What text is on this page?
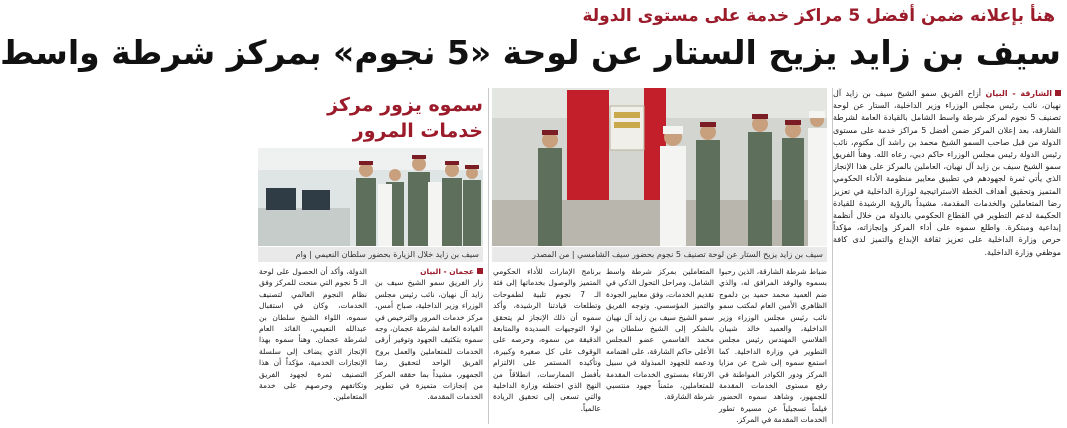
هنأ بإعلانه ضمن أفضل 5 مراكز خدمة على مستوى الدولة
سيف بن زايد يزيح الستار عن لوحة «5 نجوم» بمركز شرطة واسط
الشارقة - البيان أزاح الفريق سمو الشيخ سيف بن زايد آل نهيان، نائب رئيس مجلس الوزراء وزير الداخلية، الستار عن لوحة تصنيف 5 نجوم لمركز شرطة واسط الشامل بالقيادة العامة لشرطة الشارقة، بعد إعلان المركز ضمن أفضل 5 مراكز خدمة على مستوى الدولة من قبل صاحب السمو الشيخ محمد بن راشد آل مكتوم، نائب رئيس الدولة رئيس مجلس الوزراء حاكم دبي، رعاه الله. وهنأ الفريق سمو الشيخ سيف بن زايد آل نهيان، العاملين بالمركز على هذا الإنجاز الذي يأتي ثمرة لجهودهم في تطبيق معايير منظومة الأداء الحكومي المتميز وتحقيق أهداف الخطة الاستراتيجية لوزارة الداخلية في تعزيز رضا المتعاملين والخدمات المقدمة، مشيداً بالرؤية الرشيدة للقيادة الحكيمة لدعم التطوير في القطاع الحكومي بالدولة من خلال أنظمة إبداعية ومبتكرة. واطلع سموه على أداء المركز وإنجازاته، مؤكداً حرص وزارة الداخلية على تعزيز ثقافة الإبداع والتميز لدى كافة موظفي وزارة الداخلية.
سيف بن زايد يزيح الستار عن لوحة تصنيف 5 نجوم بحضور سيف الشامسي | من المصدر
ضباط شرطة الشارقة، الذين رحبوا بسموه والوفد المرافق له، والذي ضم العميد محمد حميد بن دلموج الظاهري الأمين العام لمكتب سمو نائب رئيس مجلس الوزراء وزير الداخلية، والعميد خالد شيبان الفلاسي المهندس رئيس مجلس التطوير في وزارة الداخلية. كما استمع سموه إلى شرح عن مزايا المركز ودور الكوادر المواطنة في رفع مستوى الخدمات المقدمة للجمهور، وشاهد سموه الحضور فيلماً تسجيلياً عن مسيرة تطور الخدمات المقدمة في المركز.
المتعاملين بمركز شرطة واسط الشامل، ومراحل التحول الذكي في تقديم الخدمات، وفق معايير الجودة والتميز المؤسسي. وتوجه الفريق سمو الشيخ سيف بن زايد آل نهيان بالشكر إلى الشيخ سلطان بن محمد القاسمي عضو المجلس الأعلى حاكم الشارقة، على اهتمامه ودعمه للجهود المبذولة في سبيل الارتقاء بمستوى الخدمات المقدمة للمتعاملين، مثمناً جهود منتسبي شرطة الشارقة.
برنامج الإمارات للأداء الحكومي المتميز والوصول بخدماتها إلى فئة الـ 7 نجوم تلبية لطموحات وتطلعات قيادتنا الرشيدة، وأكد سموه أن ذلك الإنجاز لم يتحقق لولا التوجيهات السديدة والمتابعة الدقيقة من سموه، وحرصه على الوقوف على كل صغيرة وكبيرة، وتأكيده المستمر على الالتزام بأفضل الممارسات، انطلاقاً من النهج الذي اختطته وزارة الداخلية والتي تسعى إلى تحقيق الريادة عالمياً.
سموه يزور مركز خدمات المرور
سيف بن زايد خلال الزيارة بحضور سلطان النعيمي | وام
عجمان - البيان
زار الفريق سمو الشيخ سيف بن زايد آل نهيان، نائب رئيس مجلس الوزراء وزير الداخلية، صباح أمس، مركز خدمات المرور والترخيص في القيادة العامة لشرطة عجمان، وجه سموه بتكثيف الجهود وتوفير أرقى الخدمات للمتعاملين والعمل بروح الفريق الواحد لتحقيق رضا الجمهور، مشيداً بما حققه المركز من إنجازات متميزة في تطوير الخدمات المقدمة.
الدولة، وأكد أن الحصول على لوحة الـ 5 نجوم التي منحت للمركز وفق نظام النجوم العالمي لتصنيف الخدمات، وكان في استقبال سموه، اللواء الشيخ سلطان بن عبدالله النعيمي، القائد العام لشرطة عجمان. وهنأ سموه بهذا الإنجاز الذي يضاف إلى سلسلة الإنجازات الخدمية، مؤكداً أن هذا التصنيف ثمرة لجهود الفريق وتكاتفهم وحرصهم على خدمة المتعاملين.
